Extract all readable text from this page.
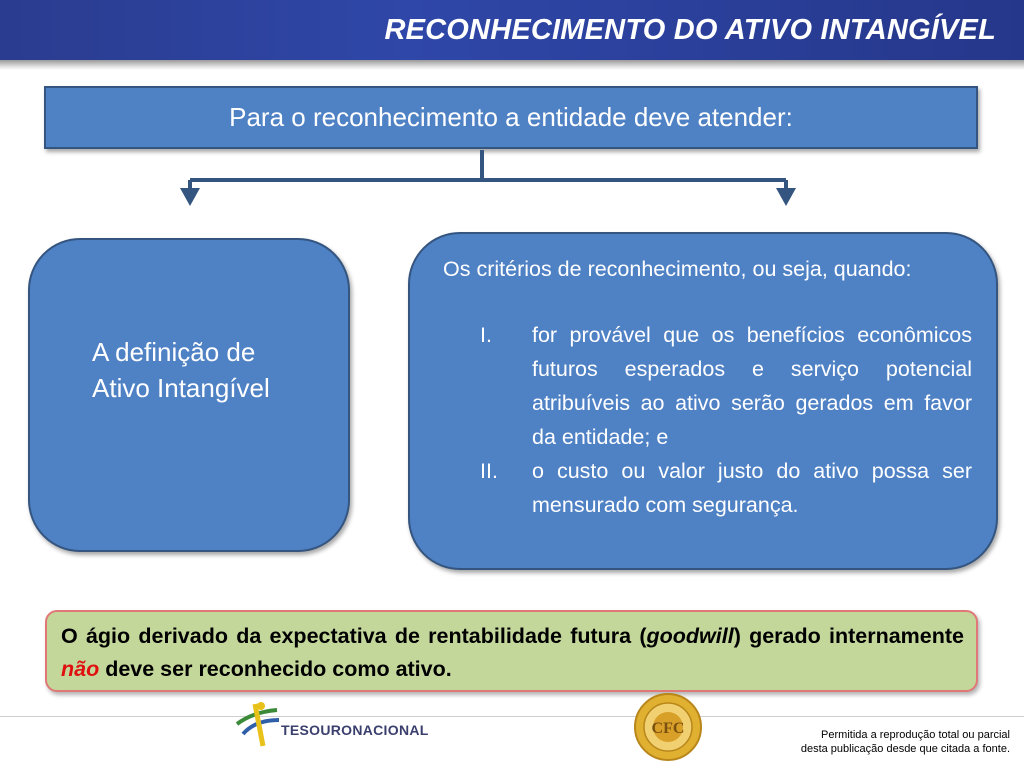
RECONHECIMENTO DO ATIVO INTANGÍVEL
Para o reconhecimento a entidade deve atender:
A definição de
Ativo Intangível
Os critérios de reconhecimento, ou seja, quando:
I. for provável que os benefícios econômicos futuros esperados e serviço potencial atribuíveis ao ativo serão gerados em favor da entidade; e
II. o custo ou valor justo do ativo possa ser mensurado com segurança.
O ágio derivado da expectativa de rentabilidade futura (goodwill) gerado internamente não deve ser reconhecido como ativo.
TESOURONACIONAL	CFC	Permitida a reprodução total ou parcial
desta publicação desde que citada a fonte.
